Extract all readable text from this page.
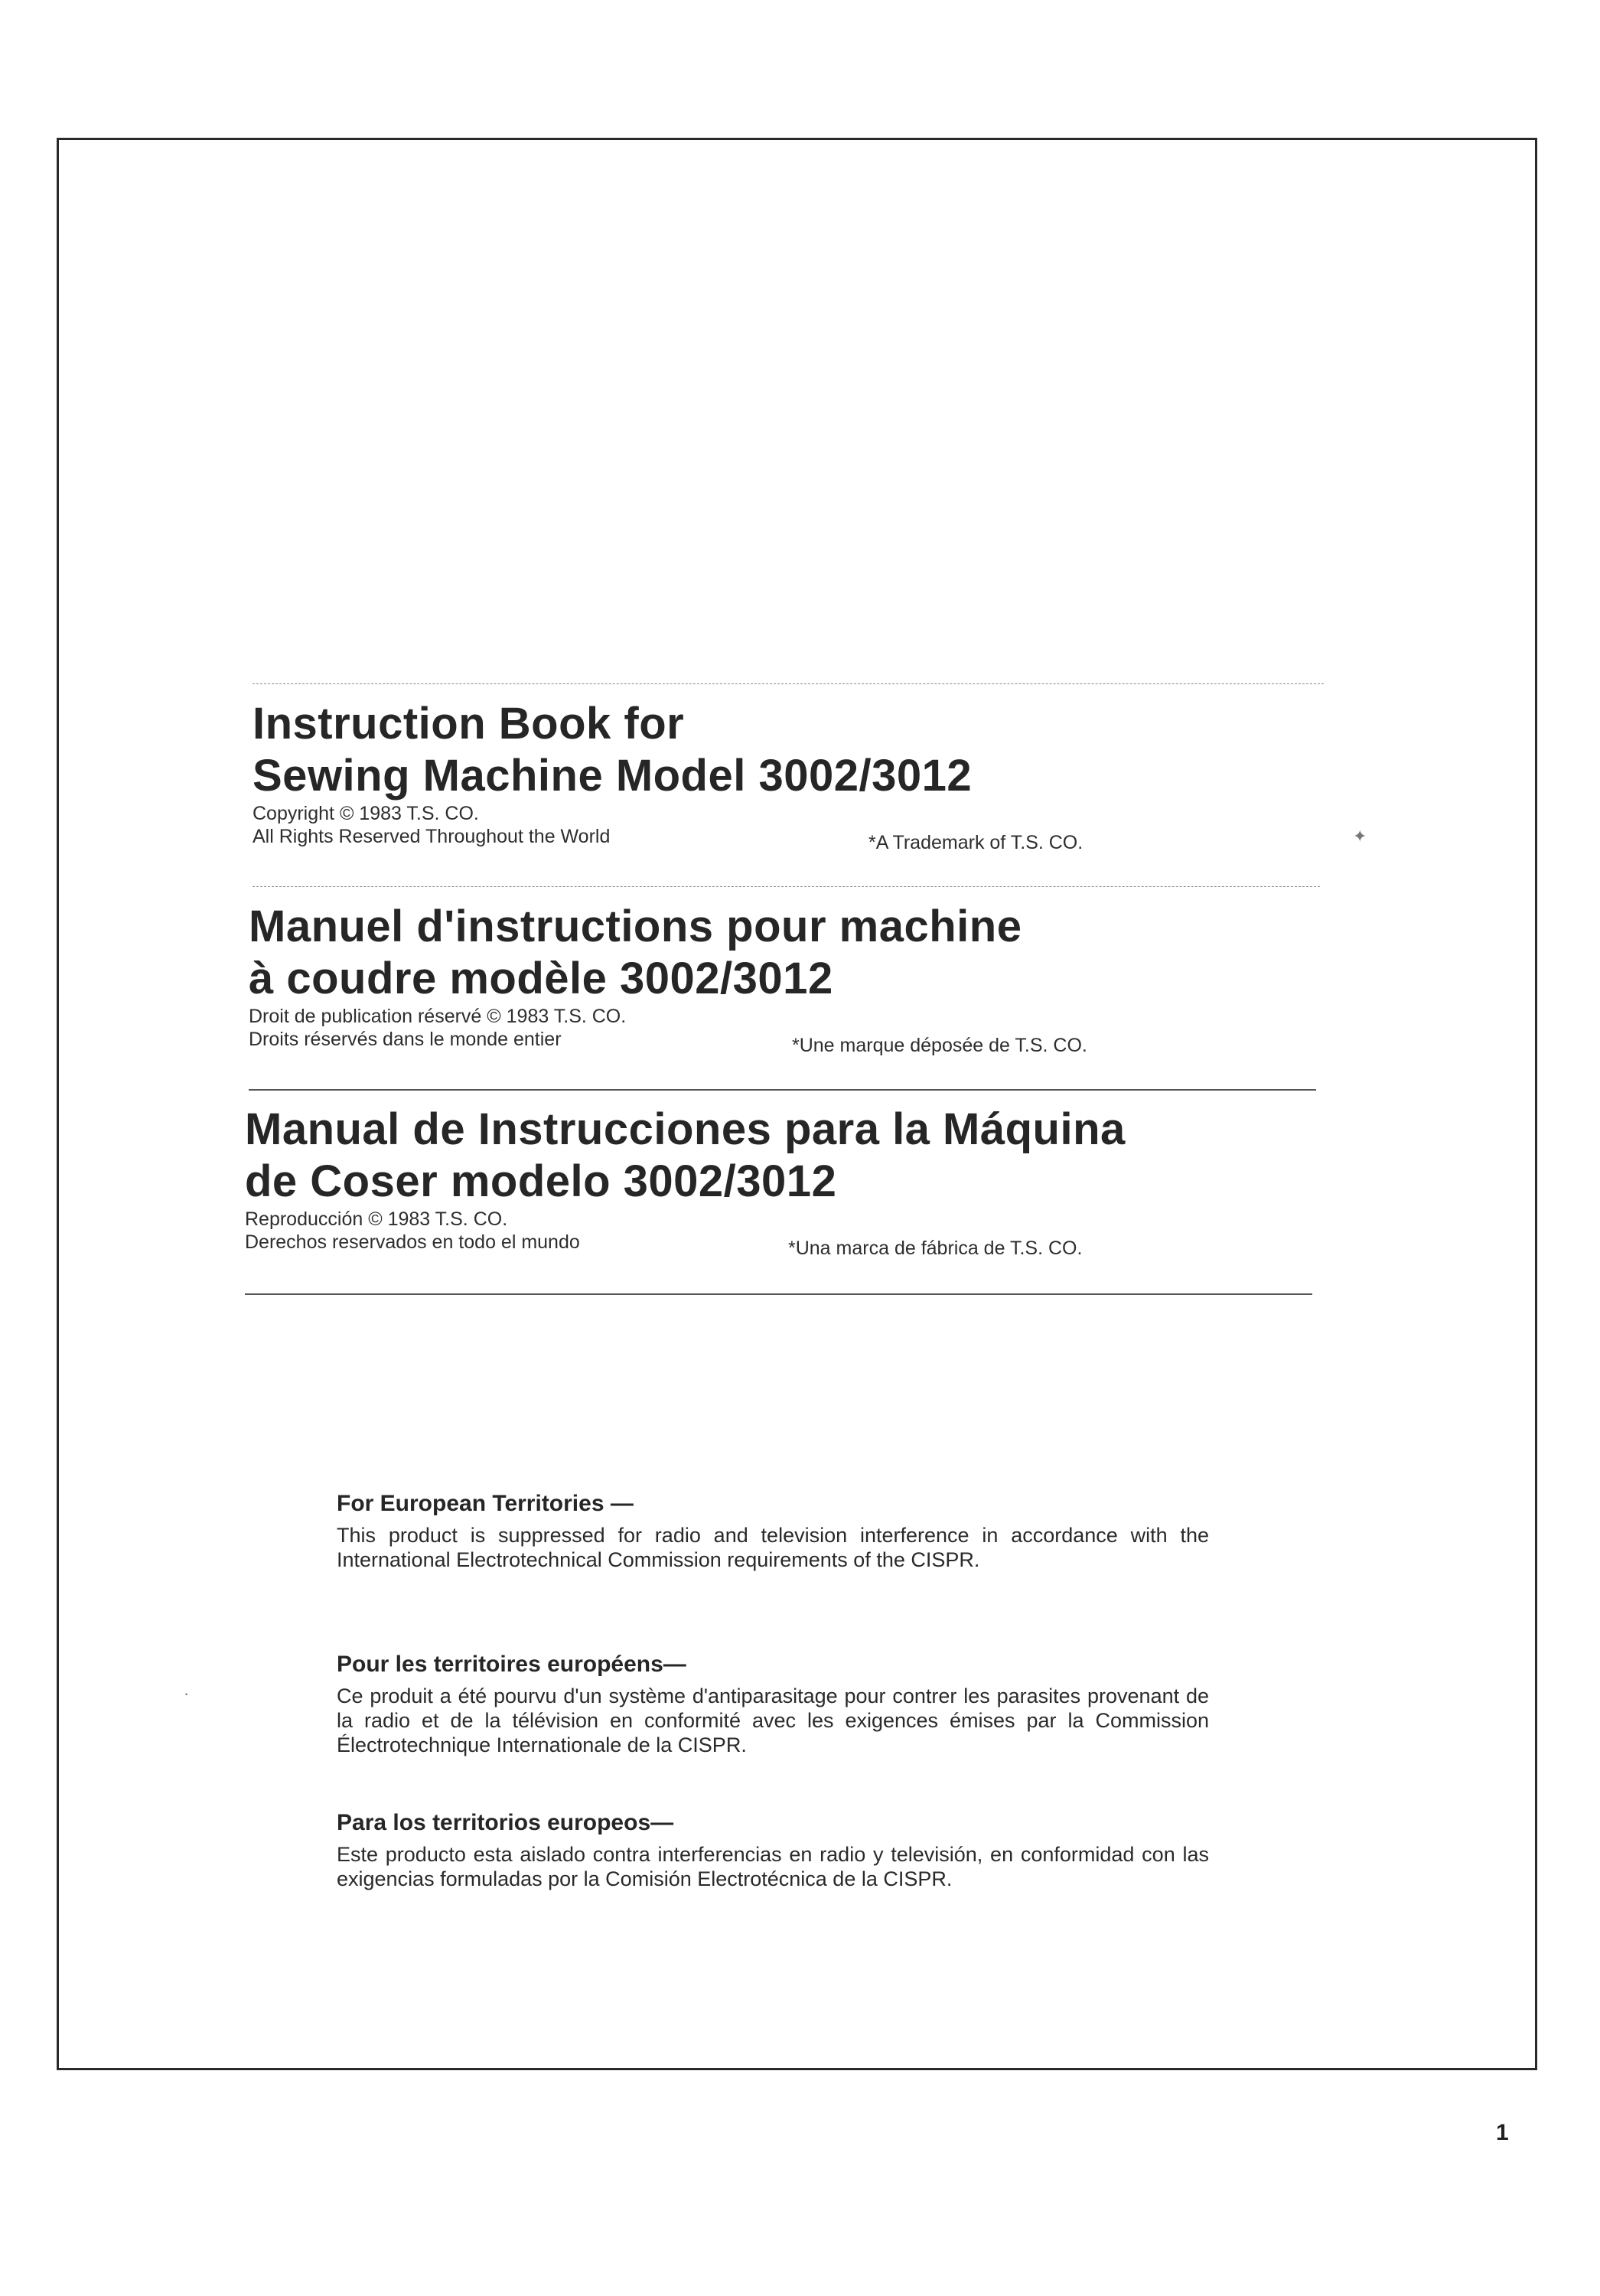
Instruction Book for
Sewing Machine Model 3002/3012
Copyright © 1983 T.S. CO.
All Rights Reserved Throughout the World	*A Trademark of T.S. CO.
Manuel d'instructions pour machine
à coudre modèle 3002/3012
Droit de publication réservé © 1983 T.S. CO.
Droits réservés dans le monde entier	*Une marque déposée de T.S. CO.
Manual de Instrucciones para la Máquina
de Coser modelo 3002/3012
Reproducción © 1983 T.S. CO.
Derechos reservados en todo el mundo	*Una marca de fábrica de T.S. CO.
For European Territories —

This product is suppressed for radio and television interference in accordance with the International Electrotechnical Commission requirements of the CISPR.

Pour les territoires européens—

Ce produit a été pourvu d'un système d'antiparasitage pour contrer les parasites provenant de la radio et de la télévision en conformité avec les exigences émises par la Commission Électrotechnique Internationale de la CISPR.

Para los territorios europeos—

Este producto esta aislado contra interferencias en radio y televisión, en conformidad con las exigencias formuladas por la Comisión Electrotécnica de la CISPR.

✦
·
1
